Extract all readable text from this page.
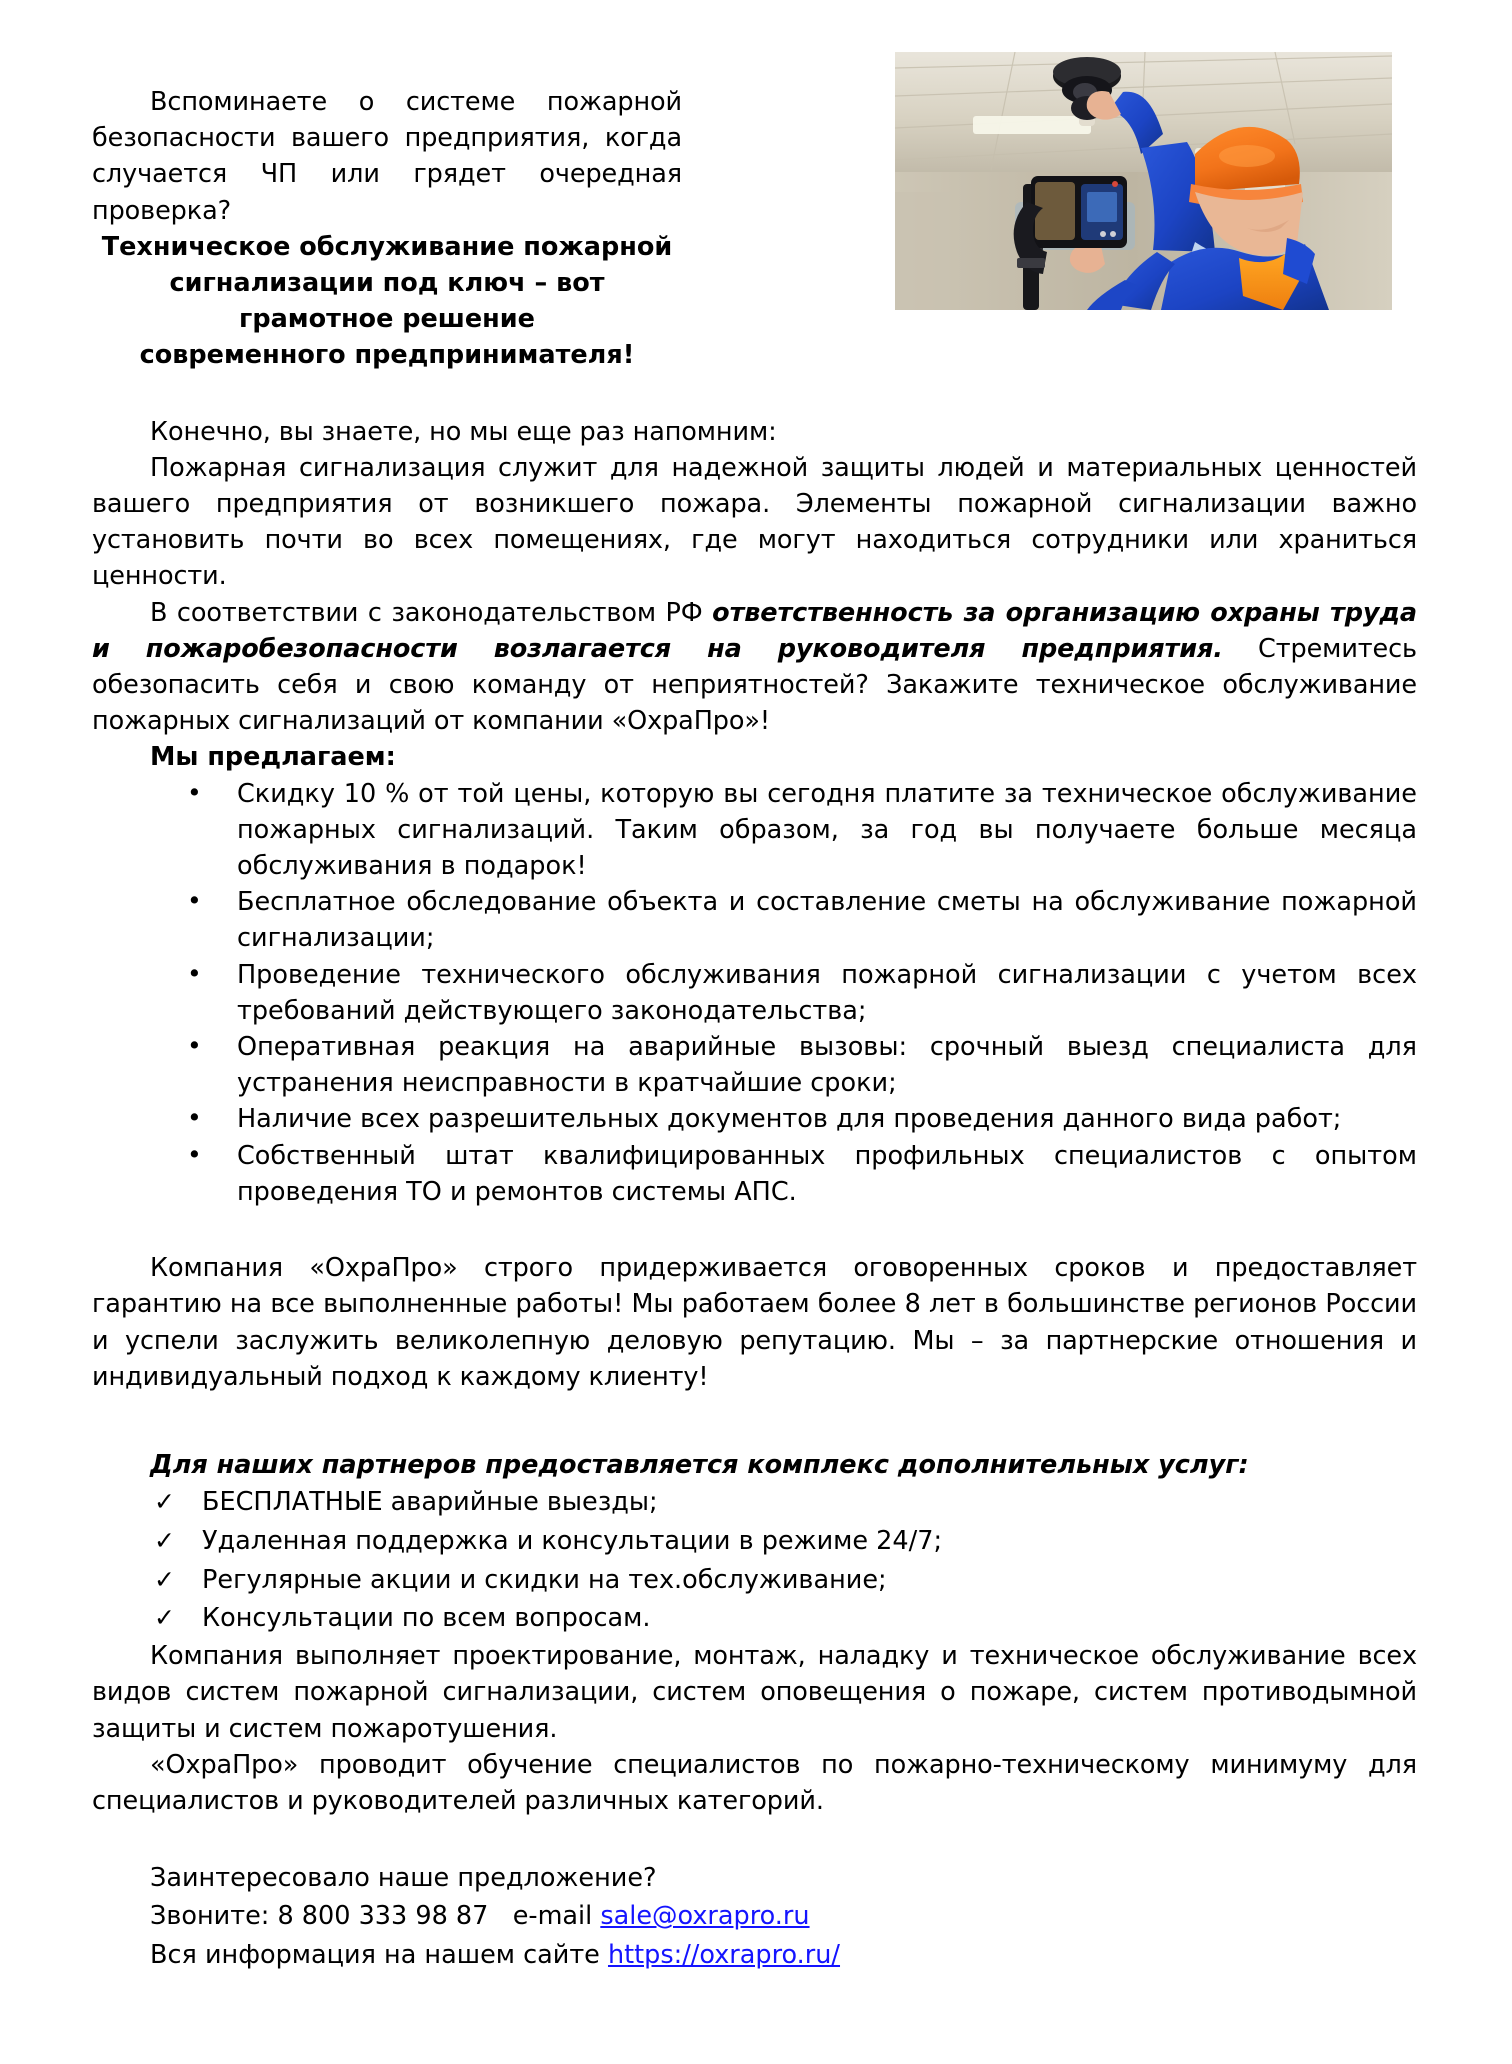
Вспоминаете о системе пожарной безопасности вашего предприятия, когда случается ЧП или грядет очередная проверка?

Техническое обслуживание пожарной
сигнализации под ключ – вот грамотное решение
современного предпринимателя!

Конечно, вы знаете, но мы еще раз напомним:

Пожарная сигнализация служит для надежной защиты людей и материальных ценностей вашего предприятия от возникшего пожара. Элементы пожарной сигнализации важно установить почти во всех помещениях, где могут находиться сотрудники или храниться ценности.

В соответствии с законодательством РФ ответственность за организацию охраны труда и пожаробезопасности возлагается на руководителя предприятия. Стремитесь обезопасить себя и свою команду от неприятностей? Закажите техническое обслуживание пожарных сигнализаций от компании «ОхраПро»!

Мы предлагаем:
• Скидку 10 % от той цены, которую вы сегодня платите за техническое обслуживание пожарных сигнализаций. Таким образом, за год вы получаете больше месяца обслуживания в подарок!
• Бесплатное обследование объекта и составление сметы на обслуживание пожарной сигнализации;
• Проведение технического обслуживания пожарной сигнализации с учетом всех требований действующего законодательства;
• Оперативная реакция на аварийные вызовы: срочный выезд специалиста для устранения неисправности в кратчайшие сроки;
• Наличие всех разрешительных документов для проведения данного вида работ;
• Собственный штат квалифицированных профильных специалистов с опытом проведения ТО и ремонтов системы АПС.

Компания «ОхраПро» строго придерживается оговоренных сроков и предоставляет гарантию на все выполненные работы! Мы работаем более 8 лет в большинстве регионов России и успели заслужить великолепную деловую репутацию. Мы – за партнерские отношения и индивидуальный подход к каждому клиенту!

Для наших партнеров предоставляется комплекс дополнительных услуг:
✓ БЕСПЛАТНЫЕ аварийные выезды;
✓ Удаленная поддержка и консультации в режиме 24/7;
✓ Регулярные акции и скидки на тех.обслуживание;
✓ Консультации по всем вопросам.

Компания выполняет проектирование, монтаж, наладку и техническое обслуживание всех видов систем пожарной сигнализации, систем оповещения о пожаре, систем противодымной защиты и систем пожаротушения.

«ОхраПро» проводит обучение специалистов по пожарно-техническому минимуму для специалистов и руководителей различных категорий.

Заинтересовало наше предложение?
Звоните: 8 800 333 98 87 e-mail sale@oxrapro.ru
Вся информация на нашем сайте https://oxrapro.ru/
